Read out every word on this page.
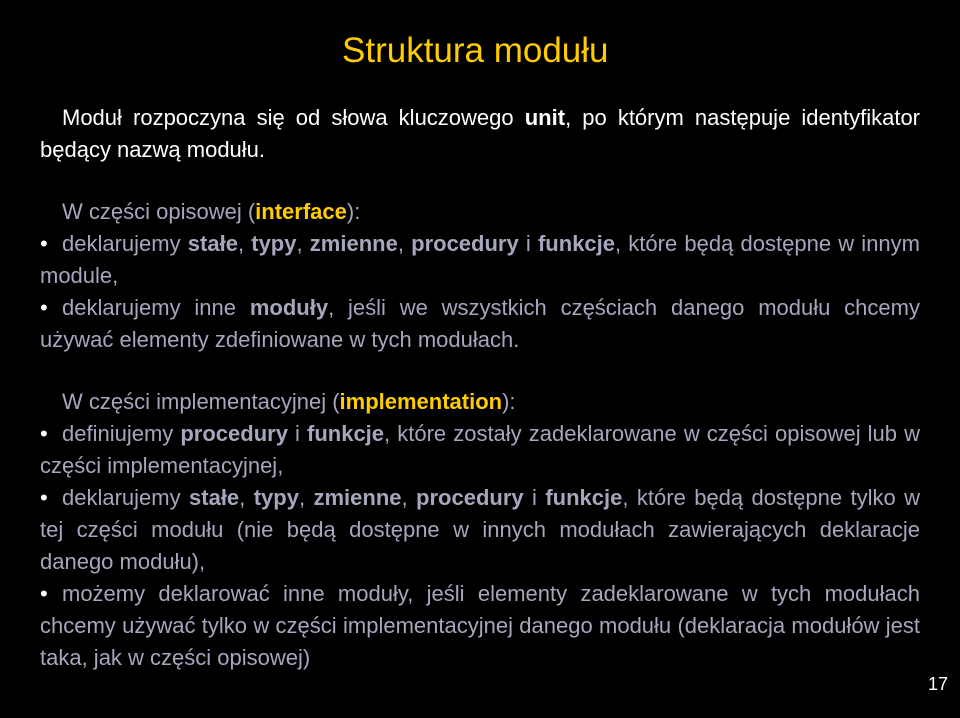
Struktura modułu

Moduł rozpoczyna się od słowa kluczowego unit, po którym następuje identyfikator będący nazwą modułu.

W części opisowej (interface):

• deklarujemy stałe, typy, zmienne, procedury i funkcje, które będą dostępne w innym module,
• deklarujemy inne moduły, jeśli we wszystkich częściach danego modułu chcemy używać elementy zdefiniowane w tych modułach.

W części implementacyjnej (implementation):

• definiujemy procedury i funkcje, które zostały zadeklarowane w części opisowej lub w części implementacyjnej,
• deklarujemy stałe, typy, zmienne, procedury i funkcje, które będą dostępne tylko w tej części modułu (nie będą dostępne w innych modułach zawierających deklaracje danego modułu),
• możemy deklarować inne moduły, jeśli elementy zadeklarowane w tych modułach chcemy używać tylko w części implementacyjnej danego modułu (deklaracja modułów jest taka, jak w części opisowej)
17
